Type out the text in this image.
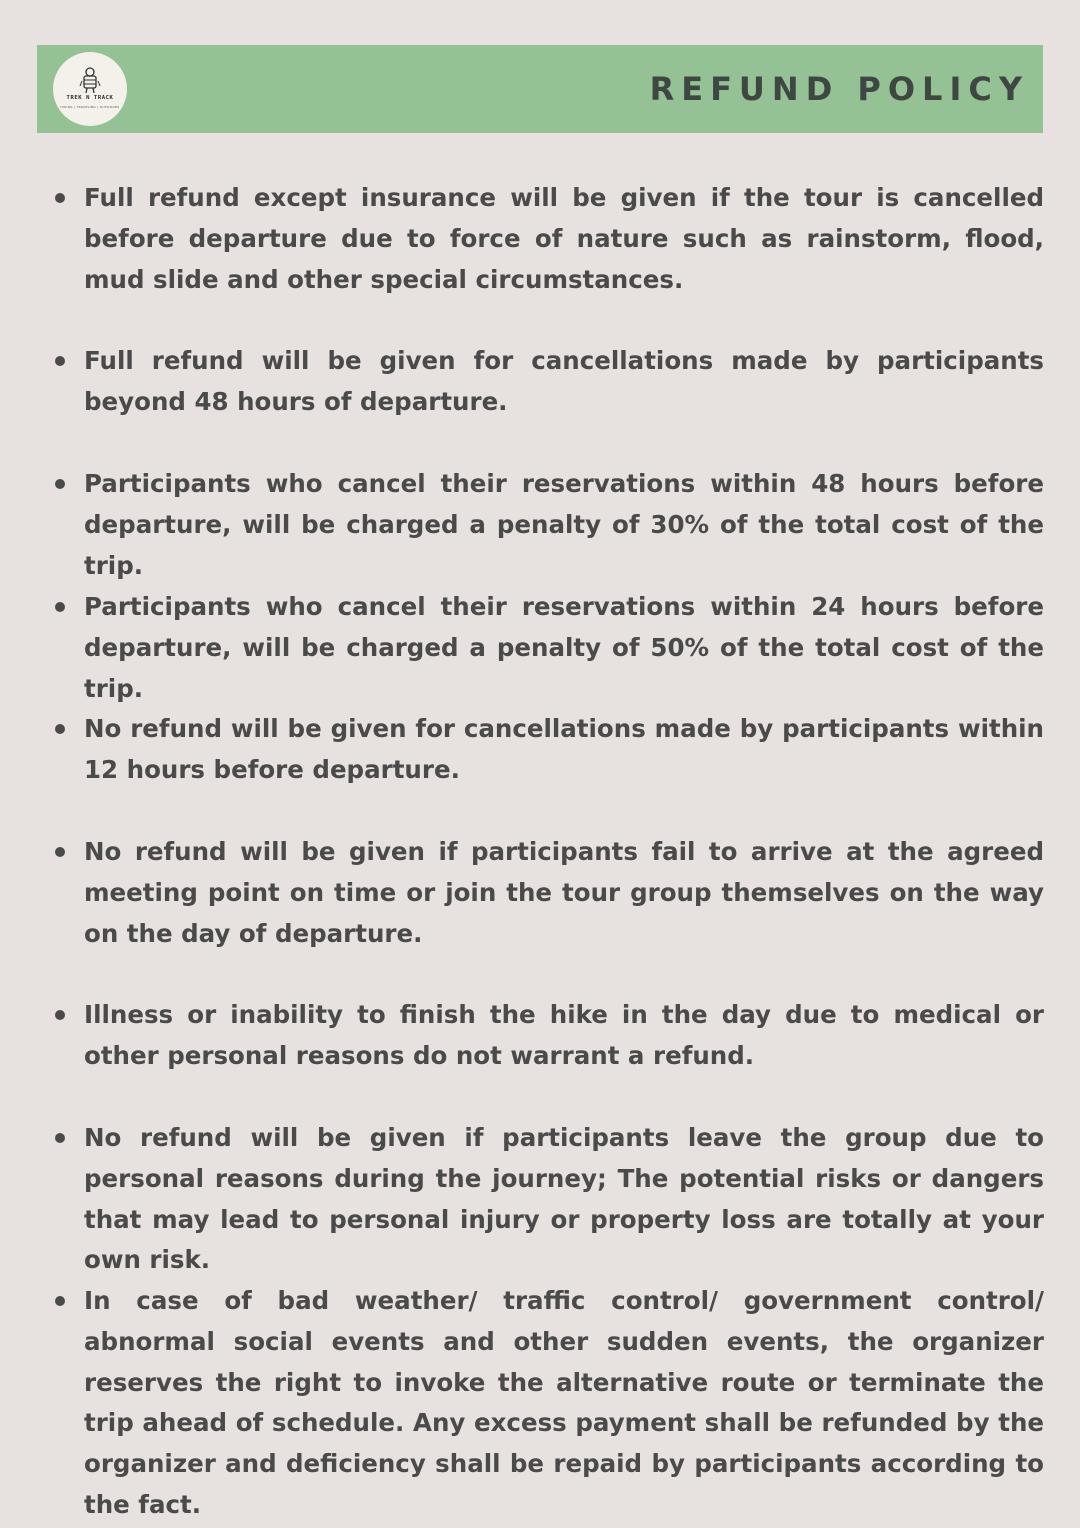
TREK N TRACK
HIKING | TRAVELING | OUTDOORS	REFUND POLICY
Full refund except insurance will be given if the tour is cancelled before departure due to force of nature such as rainstorm, flood, mud slide and other special circumstances.
Full refund will be given for cancellations made by participants beyond 48 hours of departure.
Participants who cancel their reservations within 48 hours before departure, will be charged a penalty of 30% of the total cost of the trip.
Participants who cancel their reservations within 24 hours before departure, will be charged a penalty of 50% of the total cost of the trip.
No refund will be given for cancellations made by participants within 12 hours before departure.
No refund will be given if participants fail to arrive at the agreed meeting point on time or join the tour group themselves on the way on the day of departure.
Illness or inability to finish the hike in the day due to medical or other personal reasons do not warrant a refund.
No refund will be given if participants leave the group due to personal reasons during the journey; The potential risks or dangers that may lead to personal injury or property loss are totally at your own risk.
In case of bad weather/ traffic control/ government control/ abnormal social events and other sudden events, the organizer reserves the right to invoke the alternative route or terminate the trip ahead of schedule. Any excess payment shall be refunded by the organizer and deficiency shall be repaid by participants according to the fact.
